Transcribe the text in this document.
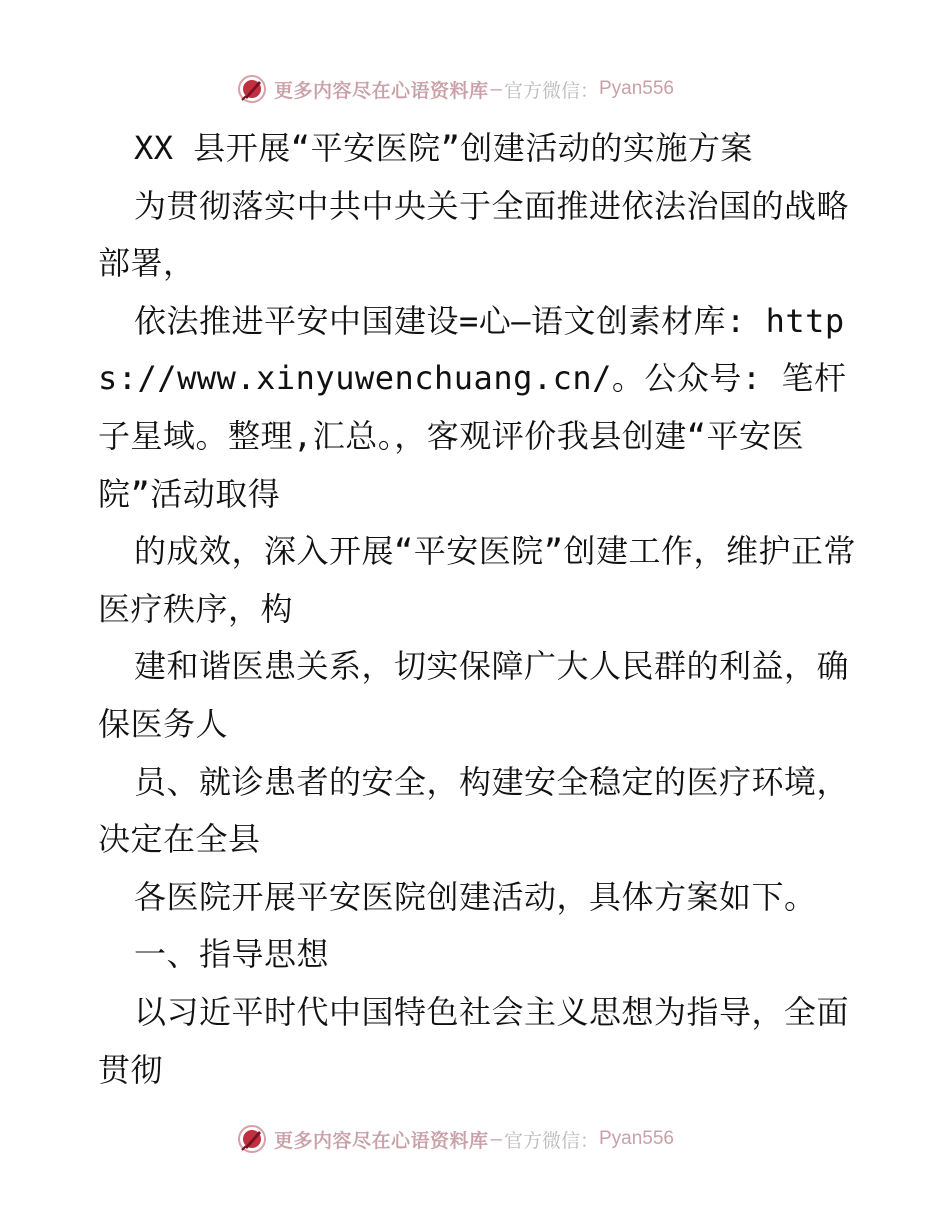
更多内容尽在心语资料库 — 官方微信： Pyan556

XX 县开展“平安医院”创建活动的实施方案

为贯彻落实中共中央关于全面推进依法治国的战略部署，

依法推进平安中国建设=心—语文创素材库: https://www.xinyuwenchuang.cn/。公众号: 笔杆子星域。整理,汇总。，客观评价我县创建“平安医院”活动取得

的成效，深入开展“平安医院”创建工作，维护正常医疗秩序，构

建和谐医患关系，切实保障广大人民群的利益，确保医务人

员、就诊患者的安全，构建安全稳定的医疗环境，决定在全县

各医院开展平安医院创建活动，具体方案如下。

一、指导思想

以习近平时代中国特色社会主义思想为指导，全面贯彻

更多内容尽在心语资料库 — 官方微信： Pyan556
